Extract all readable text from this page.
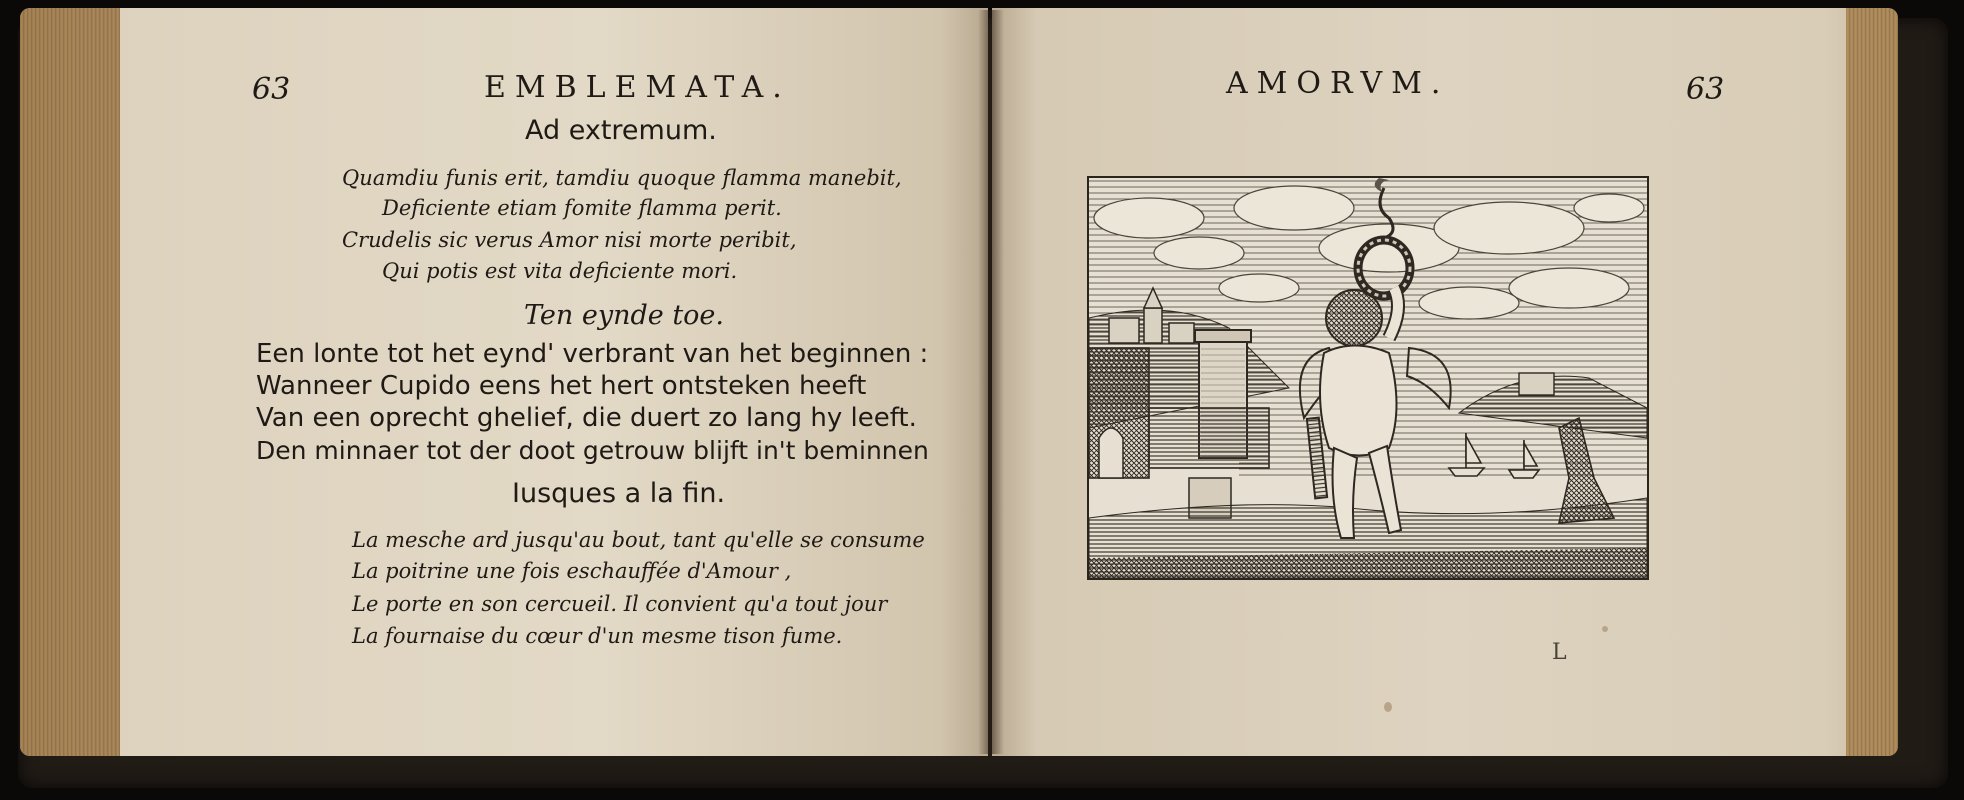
63	EMBLEMATA.
Ad extremum.
Quamdiu funis erit, tamdiu quoque flamma manebit,
Deficiente etiam fomite flamma perit.
Crudelis sic verus Amor nisi morte peribit,
Qui potis est vita deficiente mori.
Ten eynde toe.
Een lonte tot het eynd' verbrant van het beginnen :
Wanneer Cupido eens het hert ontsteken heeft
Van een oprecht ghelief, die duert zo lang hy leeft.
Den minnaer tot der doot getrouw blijft in't beminnen
Iusques a la fin.
La mesche ard jusqu'au bout, tant qu'elle se consume
La poitrine une fois eschauffée d'Amour ,
Le porte en son cercueil. Il convient qu'a tout jour
La fournaise du cœur d'un mesme tison fume.
AMORVM.	63
L
